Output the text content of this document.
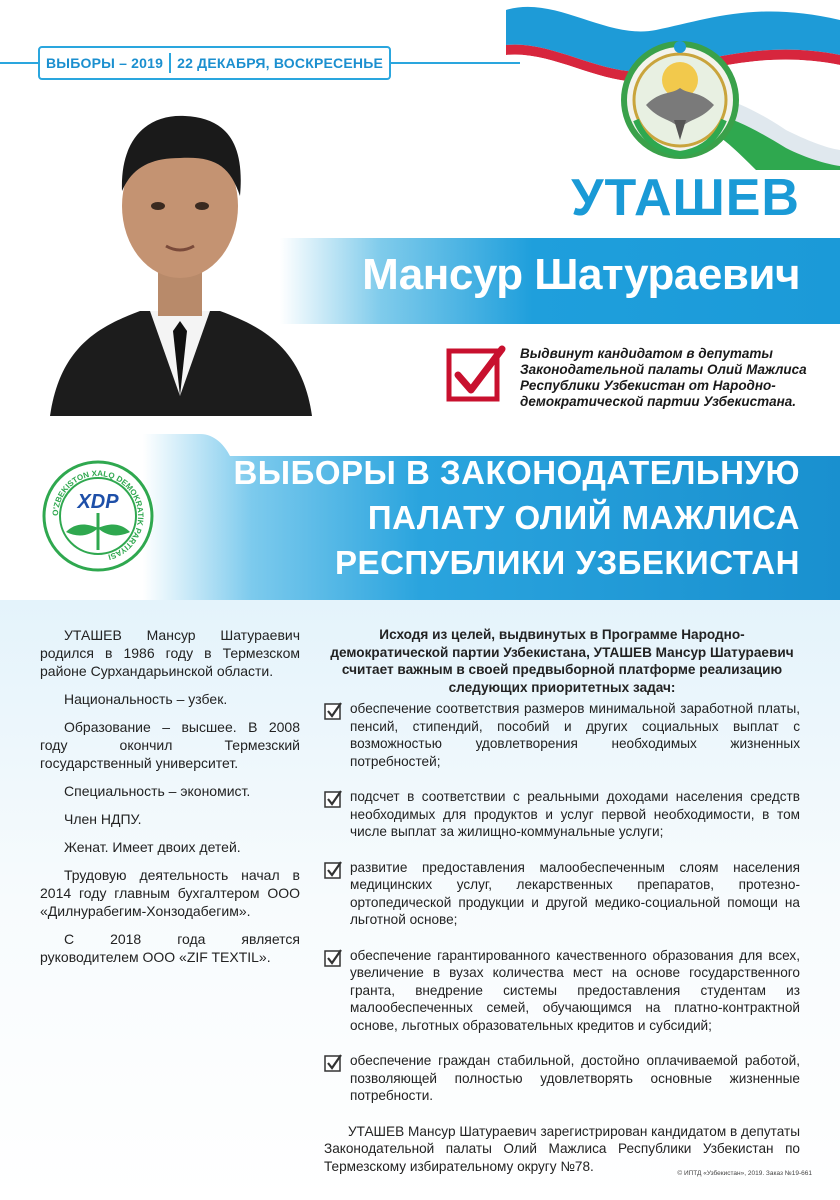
ВЫБОРЫ – 2019 22 ДЕКАБРЯ, ВОСКРЕСЕНЬЕ
УТАШЕВ
Мансур Шатураевич
Выдвинут кандидатом в депутаты Законодательной палаты Олий Мажлиса Республики Узбекистан от Народно-демократической партии Узбекистана.
XDP
O'ZBEKISTON XALQ DEMOKRATIK PARTIYASI
ВЫБОРЫ В ЗАКОНОДАТЕЛЬНУЮ
ПАЛАТУ ОЛИЙ МАЖЛИСА
РЕСПУБЛИКИ УЗБЕКИСТАН

УТАШЕВ Мансур Шатураевич родился в 1986 году в Термезском районе Сурхандарьинской области.

Национальность – узбек.

Образование – высшее. В 2008 году окончил Термезский государственный университет.

Специальность – экономист.

Член НДПУ.

Женат. Имеет двоих детей.

Трудовую деятельность начал в 2014 году главным бухгалтером ООО «Дилнурабегим-Хонзодабегим».

С 2018 года является руководителем ООО «ZIF TEXTIL».

Исходя из целей, выдвинутых в Программе Народно-демократической партии Узбекистана, УТАШЕВ Мансур Шатураевич считает важным в своей предвыборной платформе реализацию следующих приоритетных задач:

обеспечение соответствия размеров минимальной заработной платы, пенсий, стипендий, пособий и других социальных выплат с возможностью удовлетворения необходимых жизненных потребностей;
подсчет в соответствии с реальными доходами населения средств необходимых для продуктов и услуг первой необходимости, в том числе выплат за жилищно-коммунальные услуги;
развитие предоставления малообеспеченным слоям населения медицинских услуг, лекарственных препаратов, протезно-ортопедической продукции и другой медико-социальной помощи на льготной основе;
обеспечение гарантированного качественного образования для всех, увеличение в вузах количества мест на основе государственного гранта, внедрение системы предоставления студентам из малообеспеченных семей, обучающимся на платно-контрактной основе, льготных образовательных кредитов и субсидий;
обеспечение граждан стабильной, достойно оплачиваемой работой, позволяющей полностью удовлетворять основные жизненные потребности.

УТАШЕВ Мансур Шатураевич зарегистрирован кандидатом в депутаты Законодательной палаты Олий Мажлиса Республики Узбекистан по Термезскому избирательному округу №78.	© ИПТД «Узбекистан», 2019. Заказ №19-661
